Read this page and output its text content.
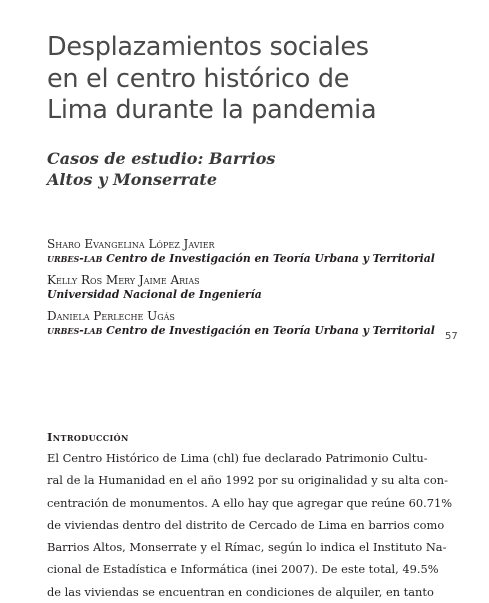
Desplazamientos sociales
en el centro histórico de
Lima durante la pandemia
Casos de estudio: Barrios
Altos y Monserrate
Sharo Evangelina López Javier
urbes-lab Centro de Investigación en Teoría Urbana y Territorial
Kelly Ros Mery Jaime Arias
Universidad Nacional de Ingeniería
Daniela Perleche Ugás
urbes-lab Centro de Investigación en Teoría Urbana y Territorial 57
Introducción
El Centro Histórico de Lima (chl) fue declarado Patrimonio Cultu-
ral de la Humanidad en el año 1992 por su originalidad y su alta con-
centración de monumentos. A ello hay que agregar que reúne 60.71%
de viviendas dentro del distrito de Cercado de Lima en barrios como
Barrios Altos, Monserrate y el Rímac, según lo indica el Instituto Na-
cional de Estadística e Informática (inei 2007). De este total, 49.5%
de las viviendas se encuentran en condiciones de alquiler, en tanto
